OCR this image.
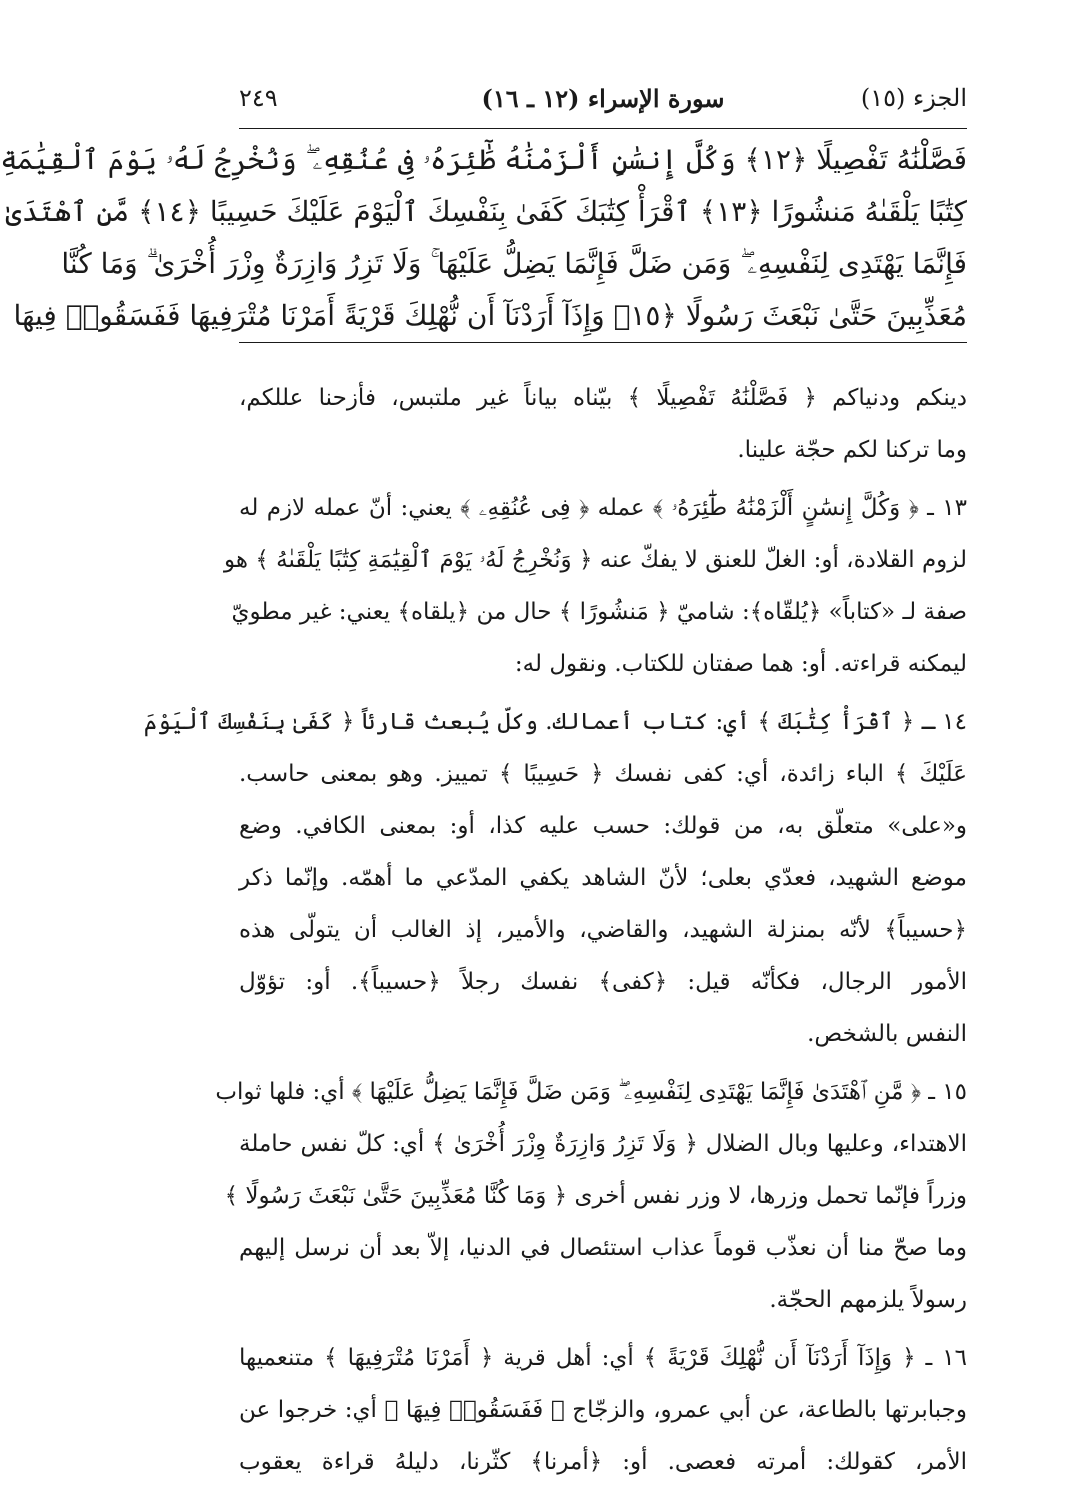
الجزء (١٥)
سورة الإسراء (١٢ ـ ١٦)
٢٤٩
فَصَّلْنَٰهُ تَفْصِيلًا ﴿١٢﴾ وَكُلَّ إِنسَٰنٍ أَلْزَمْنَٰهُ طَٰٓئِرَهُۥ فِى عُنُقِهِۦ ۖ وَنُخْرِجُ لَهُۥ يَوْمَ ٱلْقِيَٰمَةِ
كِتَٰبًا يَلْقَىٰهُ مَنشُورًا ﴿١٣﴾ ٱقْرَأْ كِتَٰبَكَ كَفَىٰ بِنَفْسِكَ ٱلْيَوْمَ عَلَيْكَ حَسِيبًا ﴿١٤﴾ مَّنِ ٱهْتَدَىٰ
فَإِنَّمَا يَهْتَدِى لِنَفْسِهِۦ ۖ وَمَن ضَلَّ فَإِنَّمَا يَضِلُّ عَلَيْهَا ۚ وَلَا تَزِرُ وَازِرَةٌ وِزْرَ أُخْرَىٰ ۗ وَمَا كُنَّا
مُعَذِّبِينَ حَتَّىٰ نَبْعَثَ رَسُولًا ﴿١٥﴾ وَإِذَآ أَرَدْنَآ أَن نُّهْلِكَ قَرْيَةً أَمَرْنَا مُتْرَفِيهَا فَفَسَقُوا۟ فِيهَا
دينكم ودنياكم ﴿ فَصَّلْنَٰهُ تَفْصِيلًا ﴾ بيّناه بياناً غير ملتبس، فأزحنا عللكم،
وما تركنا لكم حجّة علينا.
١٣ ـ ﴿ وَكُلَّ إِنسَٰنٍ أَلْزَمْنَٰهُ طَٰٓئِرَهُۥ ﴾ عمله ﴿ فِى عُنُقِهِۦ ﴾ يعني: أنّ عمله لازم له
لزوم القلادة، أو: الغلّ للعنق لا يفكّ عنه ﴿ وَنُخْرِجُ لَهُۥ يَوْمَ ٱلْقِيَٰمَةِ كِتَٰبًا يَلْقَىٰهُ ﴾ هو
صفة لـ «كتاباً» ﴿يُلقّاه﴾: شاميّ ﴿ مَنشُورًا ﴾ حال من ﴿يلقاه﴾ يعني: غير مطويّ
ليمكنه قراءته. أو: هما صفتان للكتاب. ونقول له:
١٤ ـ ﴿ ٱقْرَأْ كِتَٰبَكَ ﴾ أي: كتاب أعمالك. وكلّ يُبعث قارئاً ﴿ كَفَىٰ بِنَفْسِكَ ٱلْيَوْمَ
عَلَيْكَ ﴾ الباء زائدة، أي: كفى نفسك ﴿ حَسِيبًا ﴾ تمييز. وهو بمعنى حاسب.
و«على» متعلّق به، من قولك: حسب عليه كذا، أو: بمعنى الكافي. وضع
موضع الشهيد، فعدّي بعلى؛ لأنّ الشاهد يكفي المدّعي ما أهمّه. وإنّما ذكر
﴿حسيباً﴾ لأنّه بمنزلة الشهيد، والقاضي، والأمير، إذ الغالب أن يتولّى هذه
الأمور الرجال، فكأنّه قيل: ﴿كفى﴾ نفسك رجلاً ﴿حسيباً﴾. أو: تؤوّل
النفس بالشخص.
١٥ ـ ﴿ مَّنِ ٱهْتَدَىٰ فَإِنَّمَا يَهْتَدِى لِنَفْسِهِۦ ۖ وَمَن ضَلَّ فَإِنَّمَا يَضِلُّ عَلَيْهَا ﴾ أي: فلها ثواب
الاهتداء، وعليها وبال الضلال ﴿ وَلَا تَزِرُ وَازِرَةٌ وِزْرَ أُخْرَىٰ ﴾ أي: كلّ نفس حاملة
وزراً فإنّما تحمل وزرها، لا وزر نفس أخرى ﴿ وَمَا كُنَّا مُعَذِّبِينَ حَتَّىٰ نَبْعَثَ رَسُولًا ﴾
وما صحّ منا أن نعذّب قوماً عذاب استئصال في الدنيا، إلاّ بعد أن نرسل إليهم
رسولاً يلزمهم الحجّة.
١٦ ـ ﴿ وَإِذَآ أَرَدْنَآ أَن نُّهْلِكَ قَرْيَةً ﴾ أي: أهل قرية ﴿ أَمَرْنَا مُتْرَفِيهَا ﴾ متنعميها
وجبابرتها بالطاعة، عن أبي عمرو، والزجّاج ﴿ فَفَسَقُوا۟ فِيهَا ﴾ أي: خرجوا عن
الأمر، كقولك: أمرته فعصى. أو: ﴿أمرنا﴾ كثّرنا، دليلهُ قراءة يعقوب
